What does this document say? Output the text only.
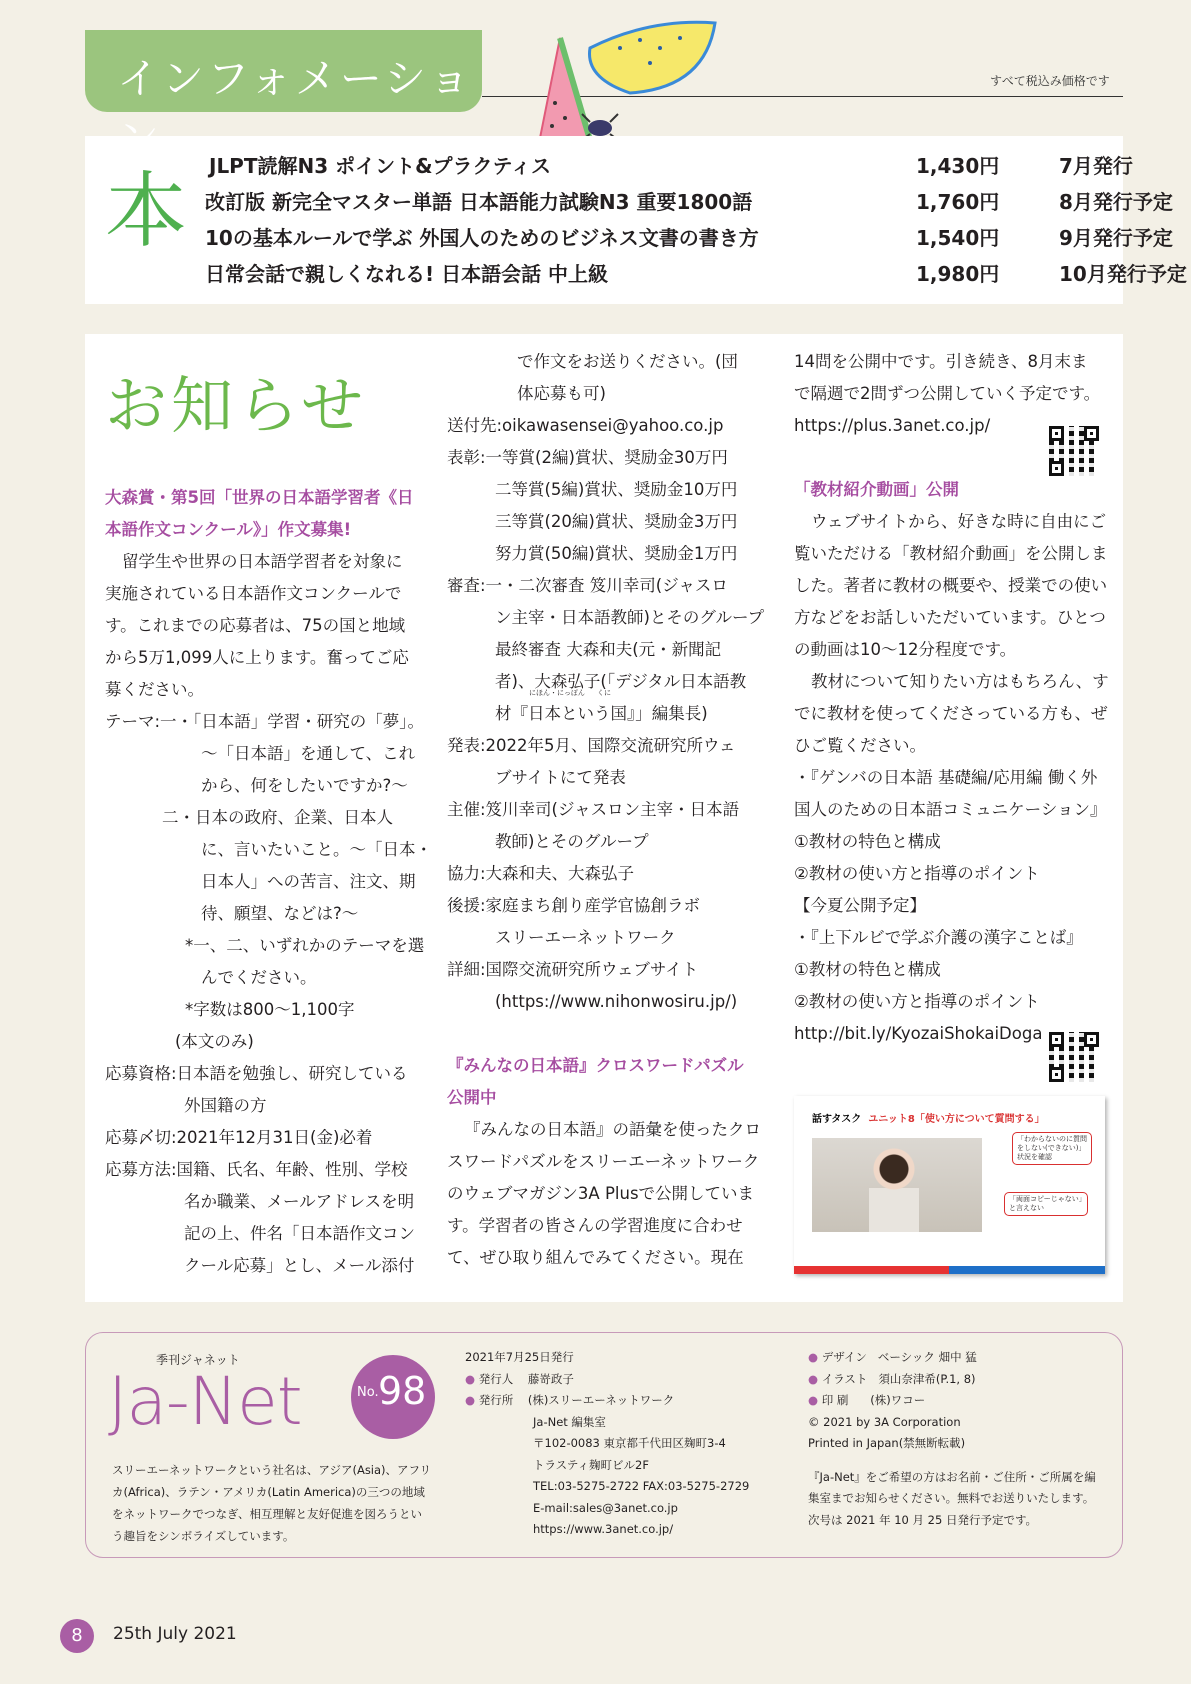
インフォメーショ	すべて税込み価格です
本 JLPT読解N3 ポイント&プラクティス	1,430円	7月発行
改訂版 新完全マスター単語 日本語能力試験N3 重要1800語	1,760円	8月発行予定
10の基本ルールで学ぶ 外国人のためのビジネス文書の書き方	1,540円	9月発行予定
日常会話で親しくなれる! 日本語会話 中上級	1,980円	10月発行予定
お知らせ

大森賞・第5回「世界の日本語学習者《日

本語作文コンクール》」作文募集!

留学生や世界の日本語学習者を対象に

実施されている日本語作文コンクールで

す。これまでの応募者は、75の国と地域

から5万1,099人に上ります。奮ってご応

募ください。

テーマ:一・「日本語」学習・研究の「夢」。

〜「日本語」を通して、これ

から、何をしたいですか?〜

二・日本の政府、企業、日本人

に、言いたいこと。〜「日本・

日本人」への苦言、注文、期

待、願望、などは?〜

*一、二、いずれかのテーマを選

んでください。

*字数は800〜1,100字

(本文のみ)

応募資格:日本語を勉強し、研究している

外国籍の方

応募〆切:2021年12月31日(金)必着

応募方法:国籍、氏名、年齢、性別、学校

名か職業、メールアドレスを明

記の上、件名「日本語作文コン

クール応募」とし、メール添付

で作文をお送りください。(団

体応募も可)

送付先:oikawasensei@yahoo.co.jp

表彰:一等賞(2編)賞状、奨励金30万円

二等賞(5編)賞状、奨励金10万円

三等賞(20編)賞状、奨励金3万円

努力賞(50編)賞状、奨励金1万円

審査:一・二次審査 笈川幸司(ジャスロ

ン主宰・日本語教師)とそのグループ

最終審査 大森和夫(元・新聞記

者)、大森弘子(「デジタル日本語教

にほん・にっぽん くに
材『日本という国』」編集長)

発表:2022年5月、国際交流研究所ウェ

ブサイトにて発表

主催:笈川幸司(ジャスロン主宰・日本語

教師)とそのグループ

協力:大森和夫、大森弘子

後援:家庭まち創り産学官協創ラボ

スリーエーネットワーク

詳細:国際交流研究所ウェブサイト

(https://www.nihonwosiru.jp/)

『みんなの日本語』クロスワードパズル

公開中

『みんなの日本語』の語彙を使ったクロ

スワードパズルをスリーエーネットワーク

のウェブマガジン3A Plusで公開していま

す。学習者の皆さんの学習進度に合わせ

て、ぜひ取り組んでみてください。現在

14問を公開中です。引き続き、8月末ま

で隔週で2問ずつ公開していく予定です。

https://plus.3anet.co.jp/

「教材紹介動画」公開

ウェブサイトから、好きな時に自由にご

覧いただける「教材紹介動画」を公開しま

した。著者に教材の概要や、授業での使い

方などをお話しいただいています。ひとつ

の動画は10〜12分程度です。

教材について知りたい方はもちろん、す

でに教材を使ってくださっている方も、ぜ

ひご覧ください。

・『ゲンバの日本語 基礎編/応用編 働く外

国人のための日本語コミュニケーション』

①教材の特色と構成

②教材の使い方と指導のポイント

【今夏公開予定】

・『上下ルビで学ぶ介護の漢字ことば』

①教材の特色と構成

②教材の使い方と指導のポイント

http://bit.ly/KyozaiShokaiDoga

話すタスク ユニット8「使い方について質問する」
「わからないのに質問をしない(できない)」状況を確認
「両面コピーじゃない」と言えない
季刊ジャネット
Ja-Net	No. 98
スリーエーネットワークという社名は、アジア(Asia)、アフリカ(Africa)、ラテン・アメリカ(Latin America)の三つの地域をネットワークでつなぎ、相互理解と友好促進を図ろうという趣旨をシンボライズしています。

2021年7月25日発行

● 発行人 藤嵜政子

● 発行所 (株)スリーエーネットワーク

Ja-Net 編集室

〒102-0083 東京都千代田区麹町3-4

トラスティ麹町ビル2F

TEL:03-5275-2722 FAX:03-5275-2729

E-mail:sales@3anet.co.jp

https://www.3anet.co.jp/

● デザイン ベーシック 畑中 猛

● イラスト 須山奈津希(P.1, 8)

● 印 刷 (株)ワコー

© 2021 by 3A Corporation

Printed in Japan(禁無断転載)

『Ja-Net』をご希望の方はお名前・ご住所・ご所属を編

集室までお知らせください。無料でお送りいたします。

次号は 2021 年 10 月 25 日発行予定です。

8	25th July 2021
